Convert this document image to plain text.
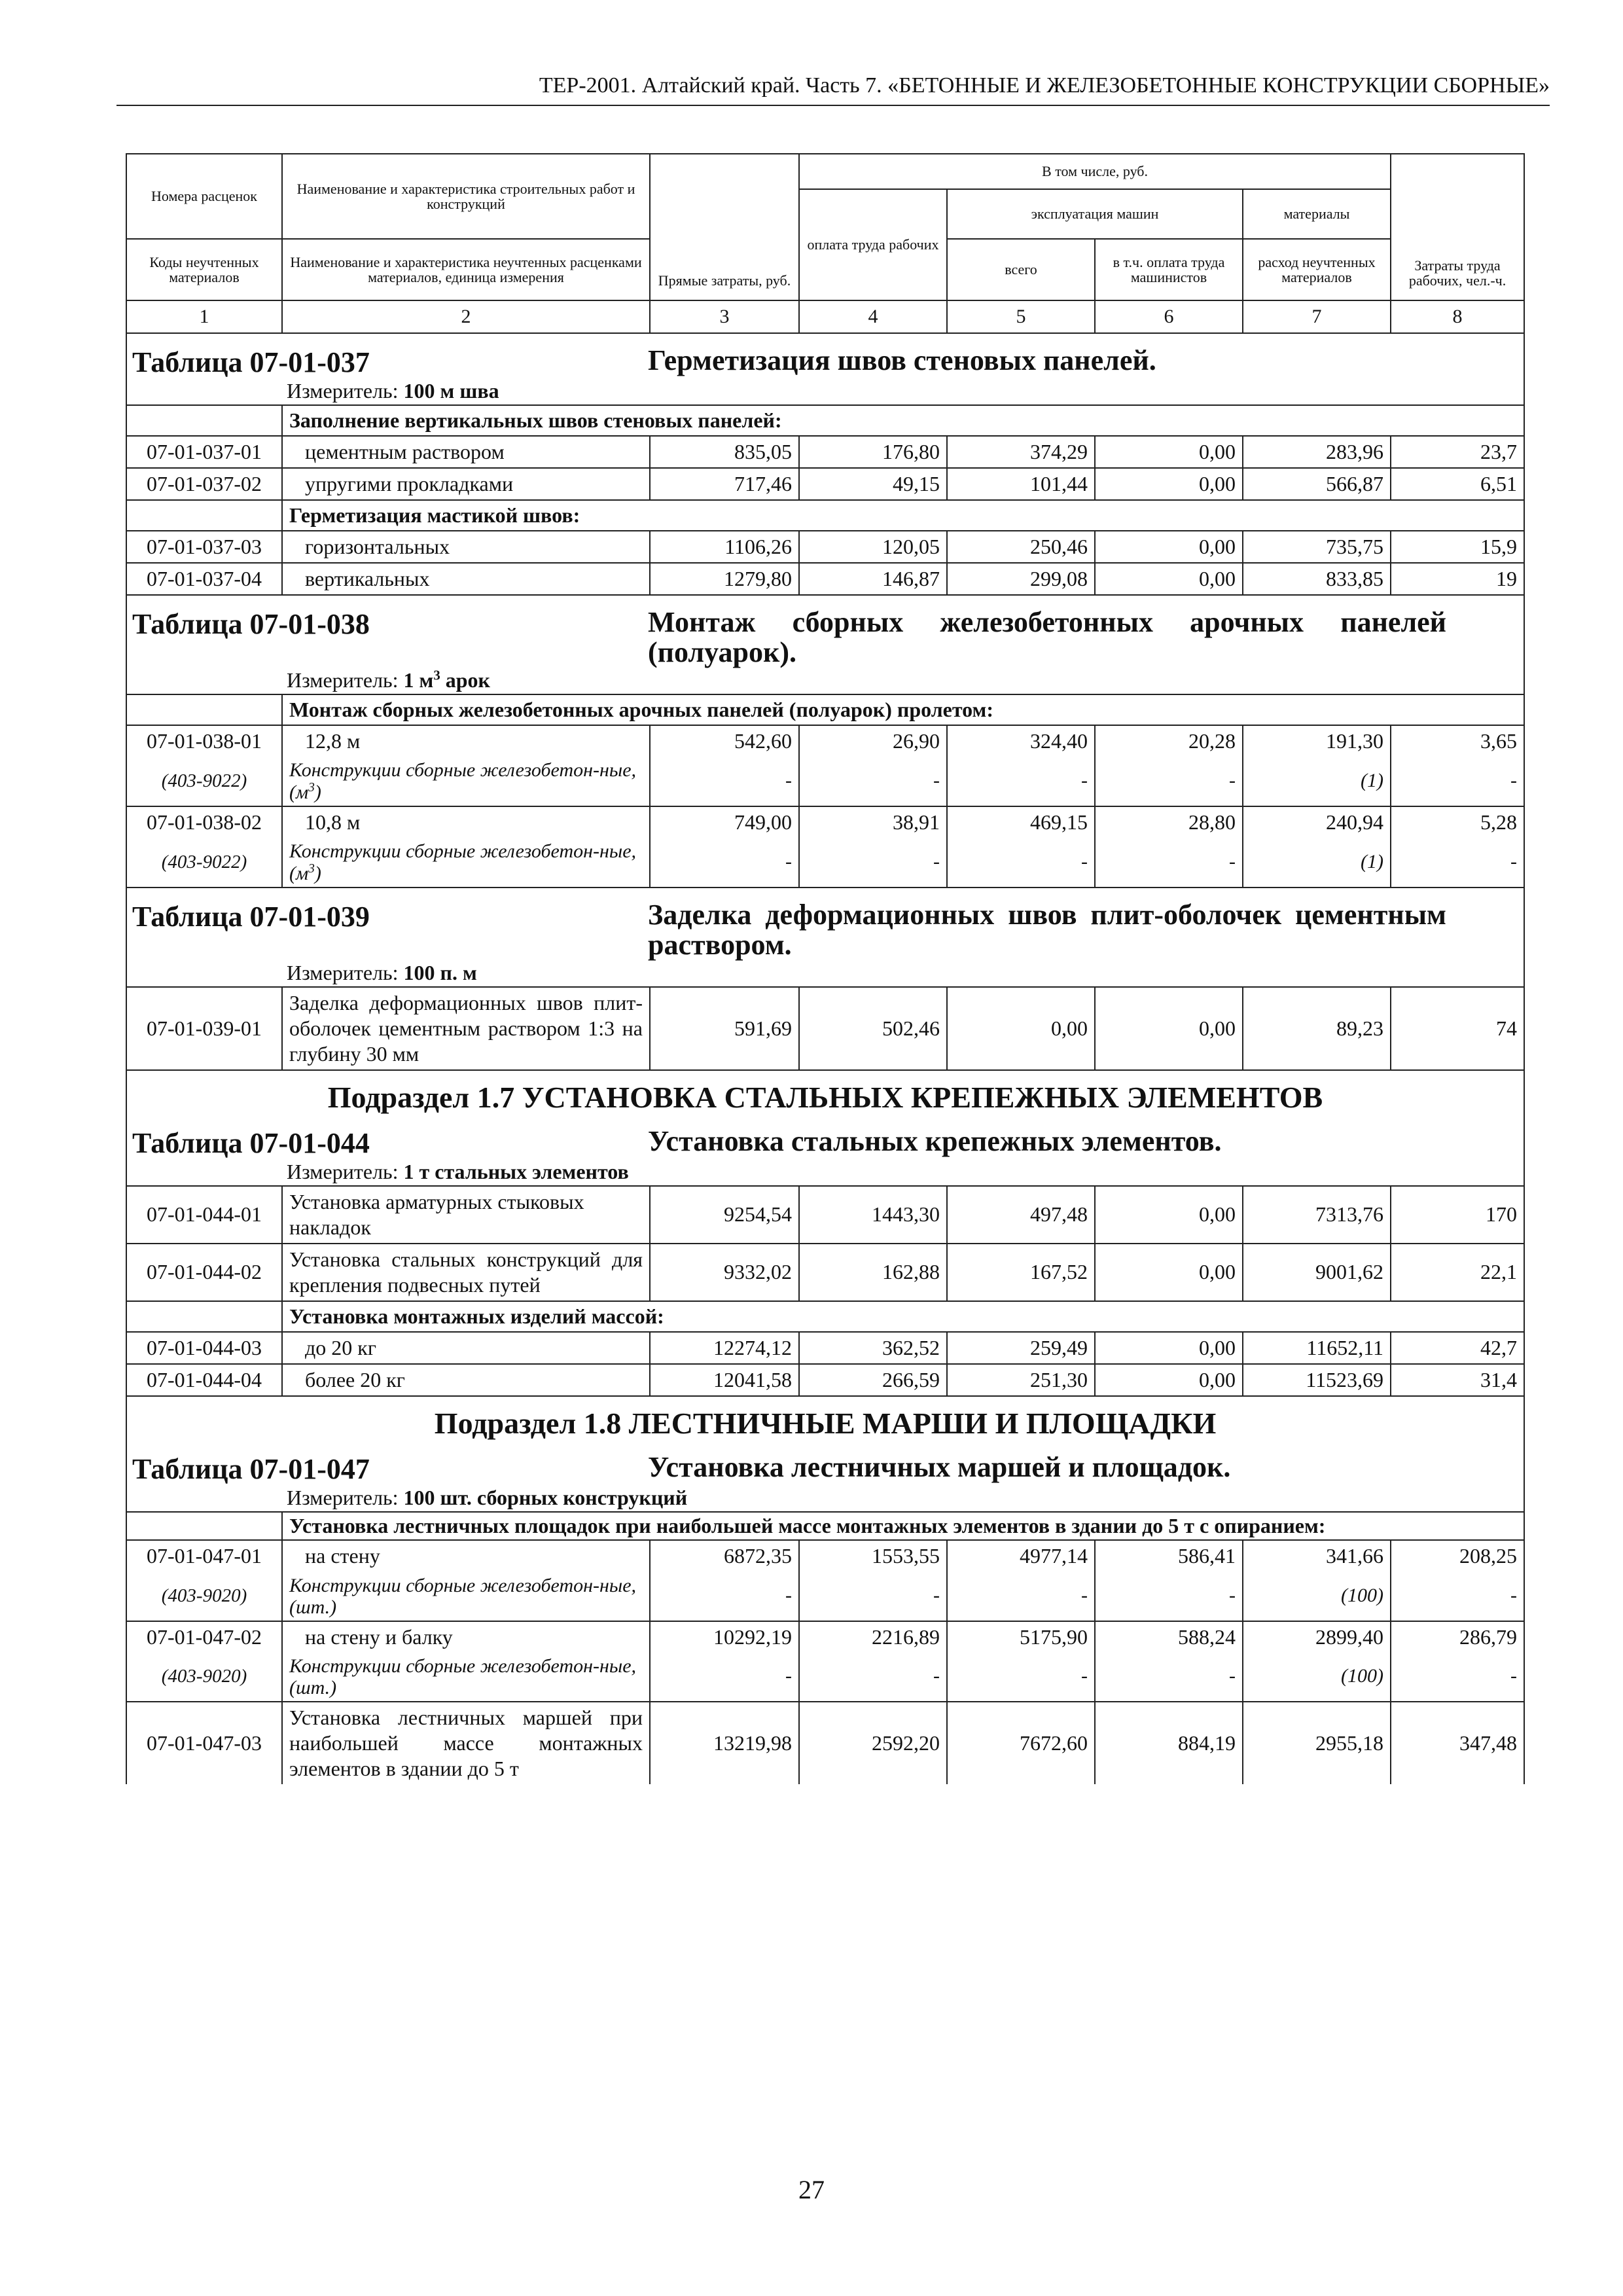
ТЕР-2001. Алтайский край. Часть 7. «БЕТОННЫЕ И ЖЕЛЕЗОБЕТОННЫЕ КОНСТРУКЦИИ СБОРНЫЕ»
Номера расценок	Наименование и характеристика строительных работ и конструкций	Прямые затраты, руб.	В том числе, руб.				Затраты труда рабочих, чел.-ч.
			оплата труда рабочих	эксплуатация машин		материалы	
Коды неучтенных материалов	Наименование и характеристика неучтенных расценками материалов, единица измерения			всего	в т.ч. оплата труда машинистов	расход неучтенных материалов	
1	2	3	4	5	6	7	8

Таблица 07-01-037 Герметизация швов стеновых панелей.							

Измеритель: 100 м шва							
	Заполнение вертикальных швов стеновых панелей:						
07-01-037-01	цементным раствором	835,05	176,80	374,29	0,00	283,96	23,7
07-01-037-02	упругими прокладками	717,46	49,15	101,44	0,00	566,87	6,51
	Герметизация мастикой швов:						
07-01-037-03	горизонтальных	1106,26	120,05	250,46	0,00	735,75	15,9
07-01-037-04	вертикальных	1279,80	146,87	299,08	0,00	833,85	19

Таблица 07-01-038 Монтаж сборных железобетонных арочных панелей (полуарок).							

Измеритель: 1 $м^3$ арок							
	Монтаж сборных железобетонных арочных панелей (полуарок) пролетом:						
07-01-038-01	12,8 м	542,60	26,90	324,40	20,28	191,30	3,65
(403-9022)	Конструкции сборные железобетон-ные, $(м^3)$	-	-	-	-	(1)	-
07-01-038-02	10,8 м	749,00	38,91	469,15	28,80	240,94	5,28
(403-9022)	Конструкции сборные железобетон-ные, $(м^3)$	-	-	-	-	(1)	-

Таблица 07-01-039 Заделка деформационных швов плит-оболочек цементным раствором.							

Измеритель: 100 п. м							
07-01-039-01	Заделка деформационных швов плит-оболочек цементным раствором 1:3 на глубину 30 мм	591,69	502,46	0,00	0,00	89,23	74
Подраздел 1.7 УСТАНОВКА СТАЛЬНЫХ КРЕПЕЖНЫХ ЭЛЕМЕНТОВ							

Таблица 07-01-044 Установка стальных крепежных элементов.							

Измеритель: 1 т стальных элементов							
07-01-044-01	Установка арматурных стыковых накладок	9254,54	1443,30	497,48	0,00	7313,76	170
07-01-044-02	Установка стальных конструкций для крепления подвесных путей	9332,02	162,88	167,52	0,00	9001,62	22,1
	Установка монтажных изделий массой:						
07-01-044-03	до 20 кг	12274,12	362,52	259,49	0,00	11652,11	42,7
07-01-044-04	более 20 кг	12041,58	266,59	251,30	0,00	11523,69	31,4
Подраздел 1.8 ЛЕСТНИЧНЫЕ МАРШИ И ПЛОЩАДКИ							

Таблица 07-01-047 Установка лестничных маршей и площадок.							

Измеритель: 100 шт. сборных конструкций							
	Установка лестничных площадок при наибольшей массе монтажных элементов в здании до 5 т с опиранием:						
07-01-047-01	на стену	6872,35	1553,55	4977,14	586,41	341,66	208,25
(403-9020)	Конструкции сборные железобетон-ные, (шт.)	-	-	-	-	(100)	-
07-01-047-02	на стену и балку	10292,19	2216,89	5175,90	588,24	2899,40	286,79
(403-9020)	Конструкции сборные железобетон-ные, (шт.)	-	-	-	-	(100)	-
07-01-047-03	Установка лестничных маршей при наибольшей массе монтажных элементов в здании до 5 т	13219,98	2592,20	7672,60	884,19	2955,18	347,48
27
